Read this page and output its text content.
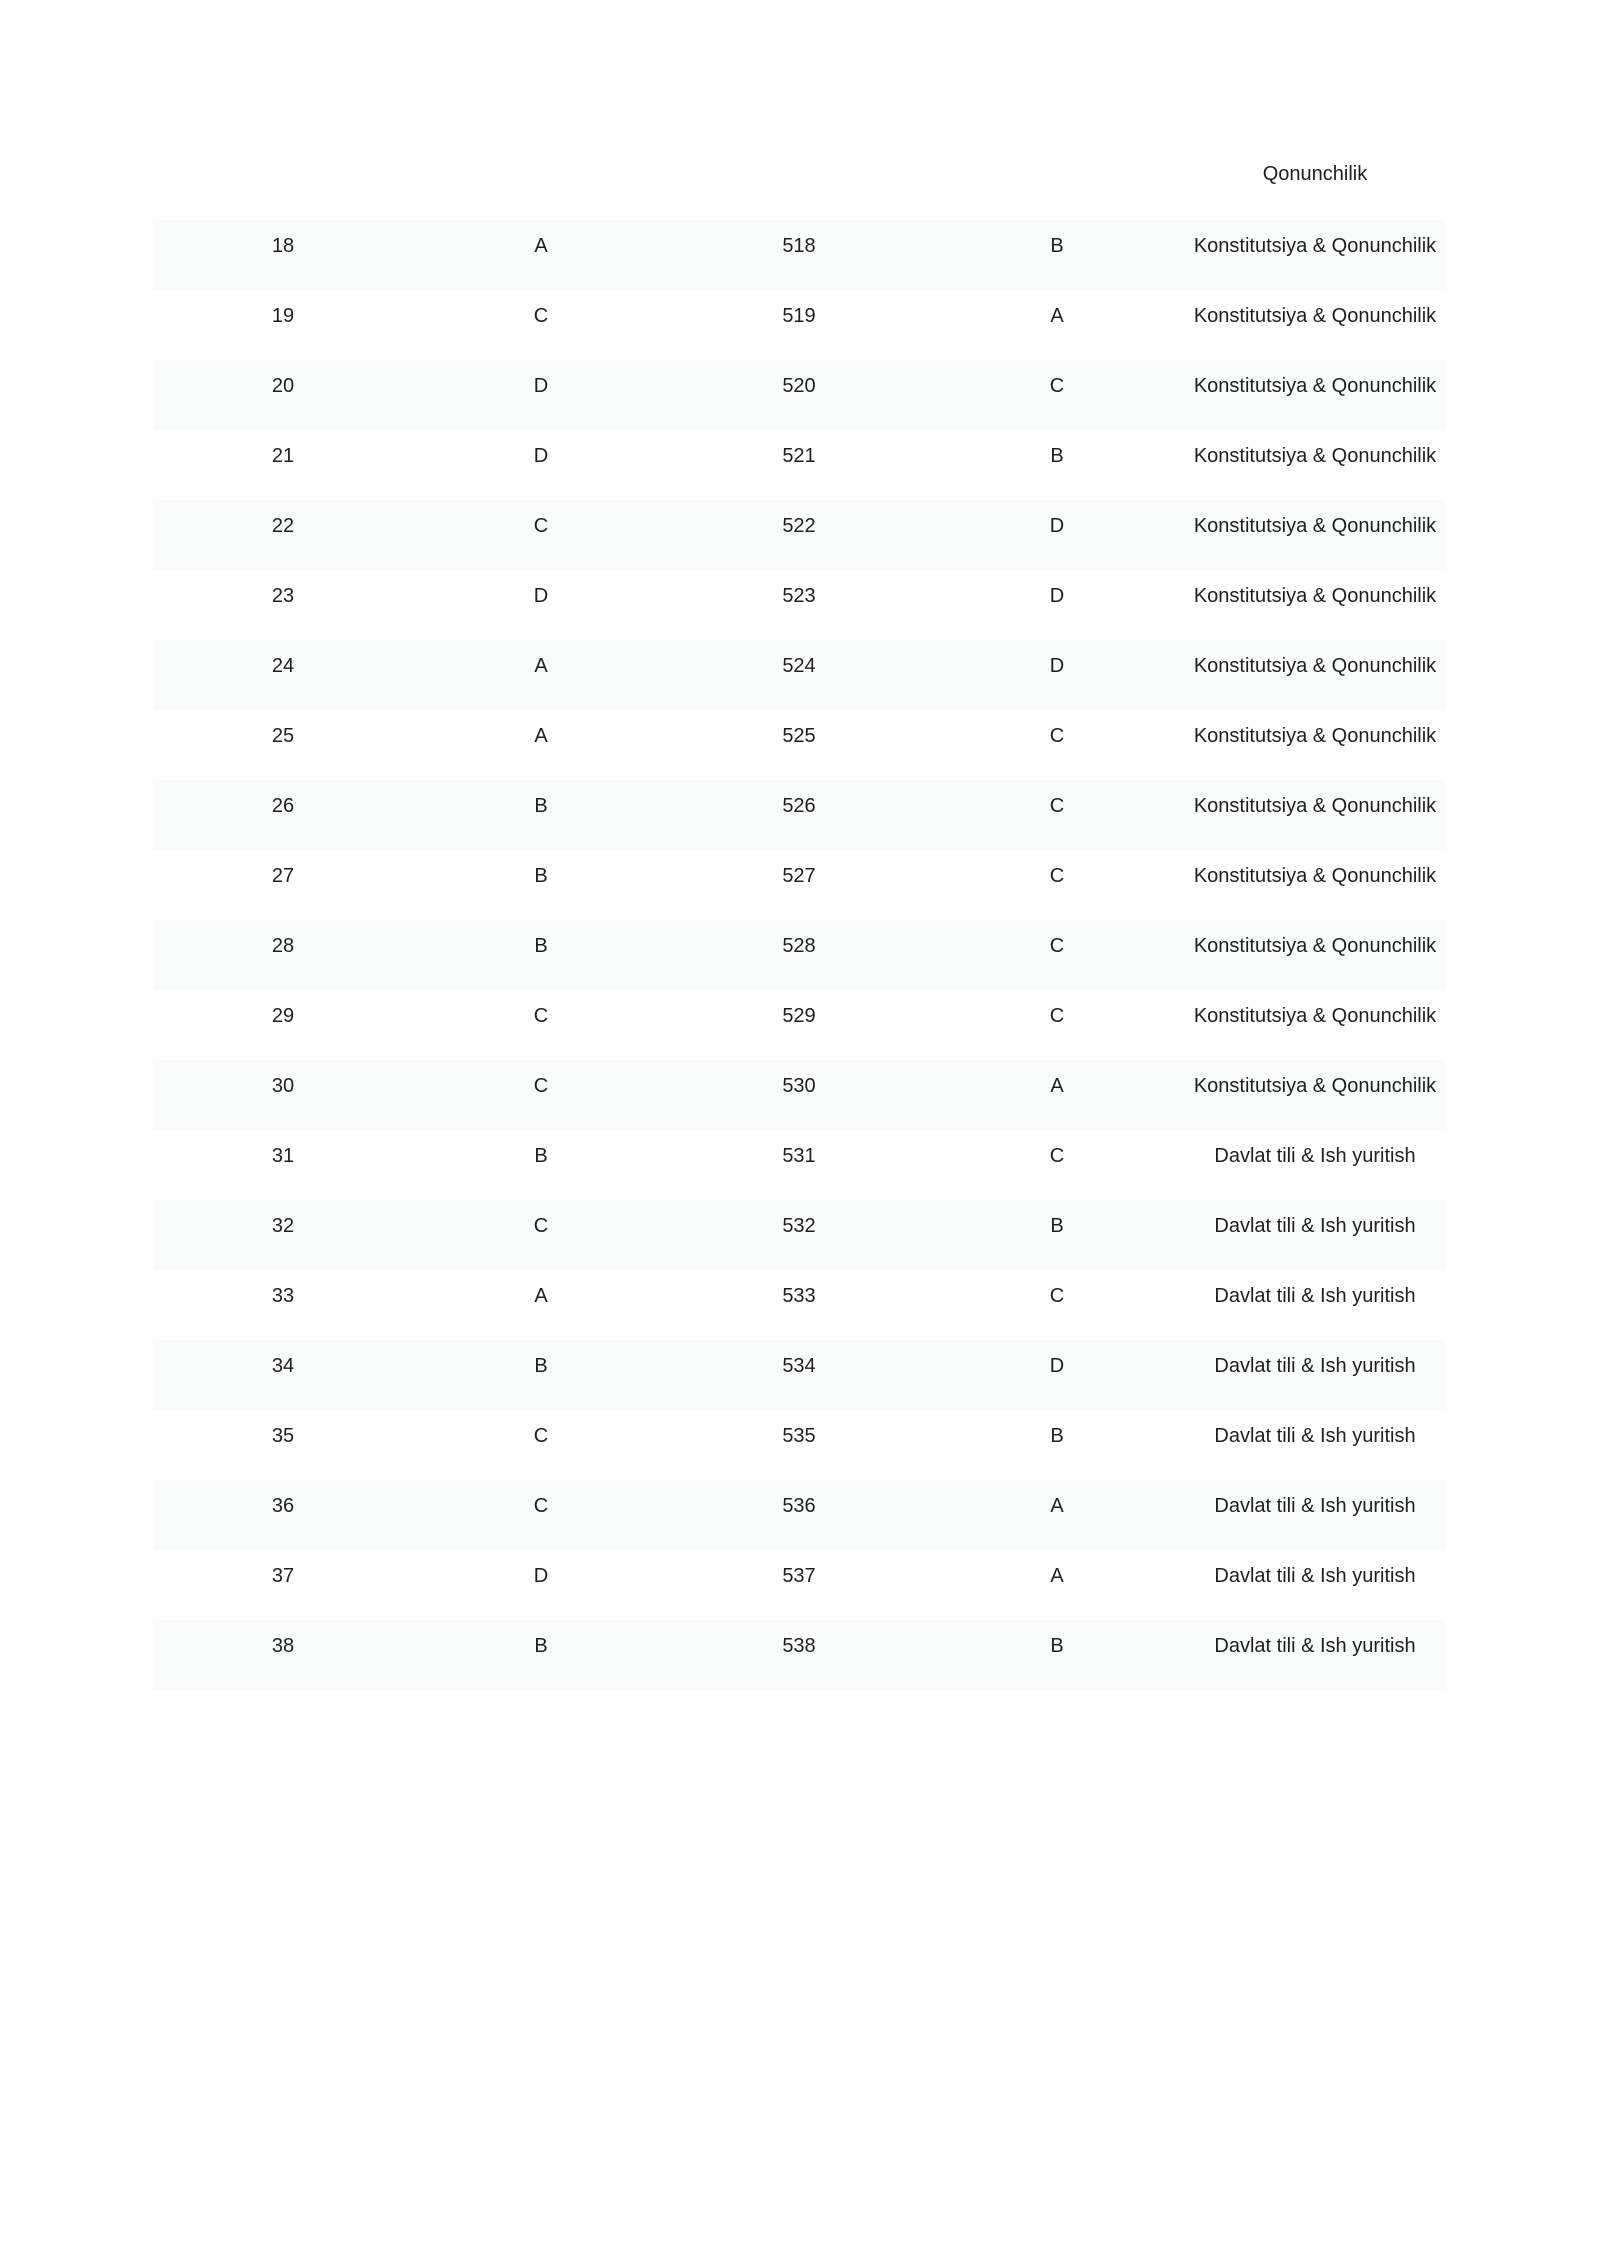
Qonunchilik
18	A	518	B	Konstitutsiya & Qonunchilik
19	C	519	A	Konstitutsiya & Qonunchilik
20	D	520	C	Konstitutsiya & Qonunchilik
21	D	521	B	Konstitutsiya & Qonunchilik
22	C	522	D	Konstitutsiya & Qonunchilik
23	D	523	D	Konstitutsiya & Qonunchilik
24	A	524	D	Konstitutsiya & Qonunchilik
25	A	525	C	Konstitutsiya & Qonunchilik
26	B	526	C	Konstitutsiya & Qonunchilik
27	B	527	C	Konstitutsiya & Qonunchilik
28	B	528	C	Konstitutsiya & Qonunchilik
29	C	529	C	Konstitutsiya & Qonunchilik
30	C	530	A	Konstitutsiya & Qonunchilik
31	B	531	C	Davlat tili & Ish yuritish
32	C	532	B	Davlat tili & Ish yuritish
33	A	533	C	Davlat tili & Ish yuritish
34	B	534	D	Davlat tili & Ish yuritish
35	C	535	B	Davlat tili & Ish yuritish
36	C	536	A	Davlat tili & Ish yuritish
37	D	537	A	Davlat tili & Ish yuritish
38	B	538	B	Davlat tili & Ish yuritish
